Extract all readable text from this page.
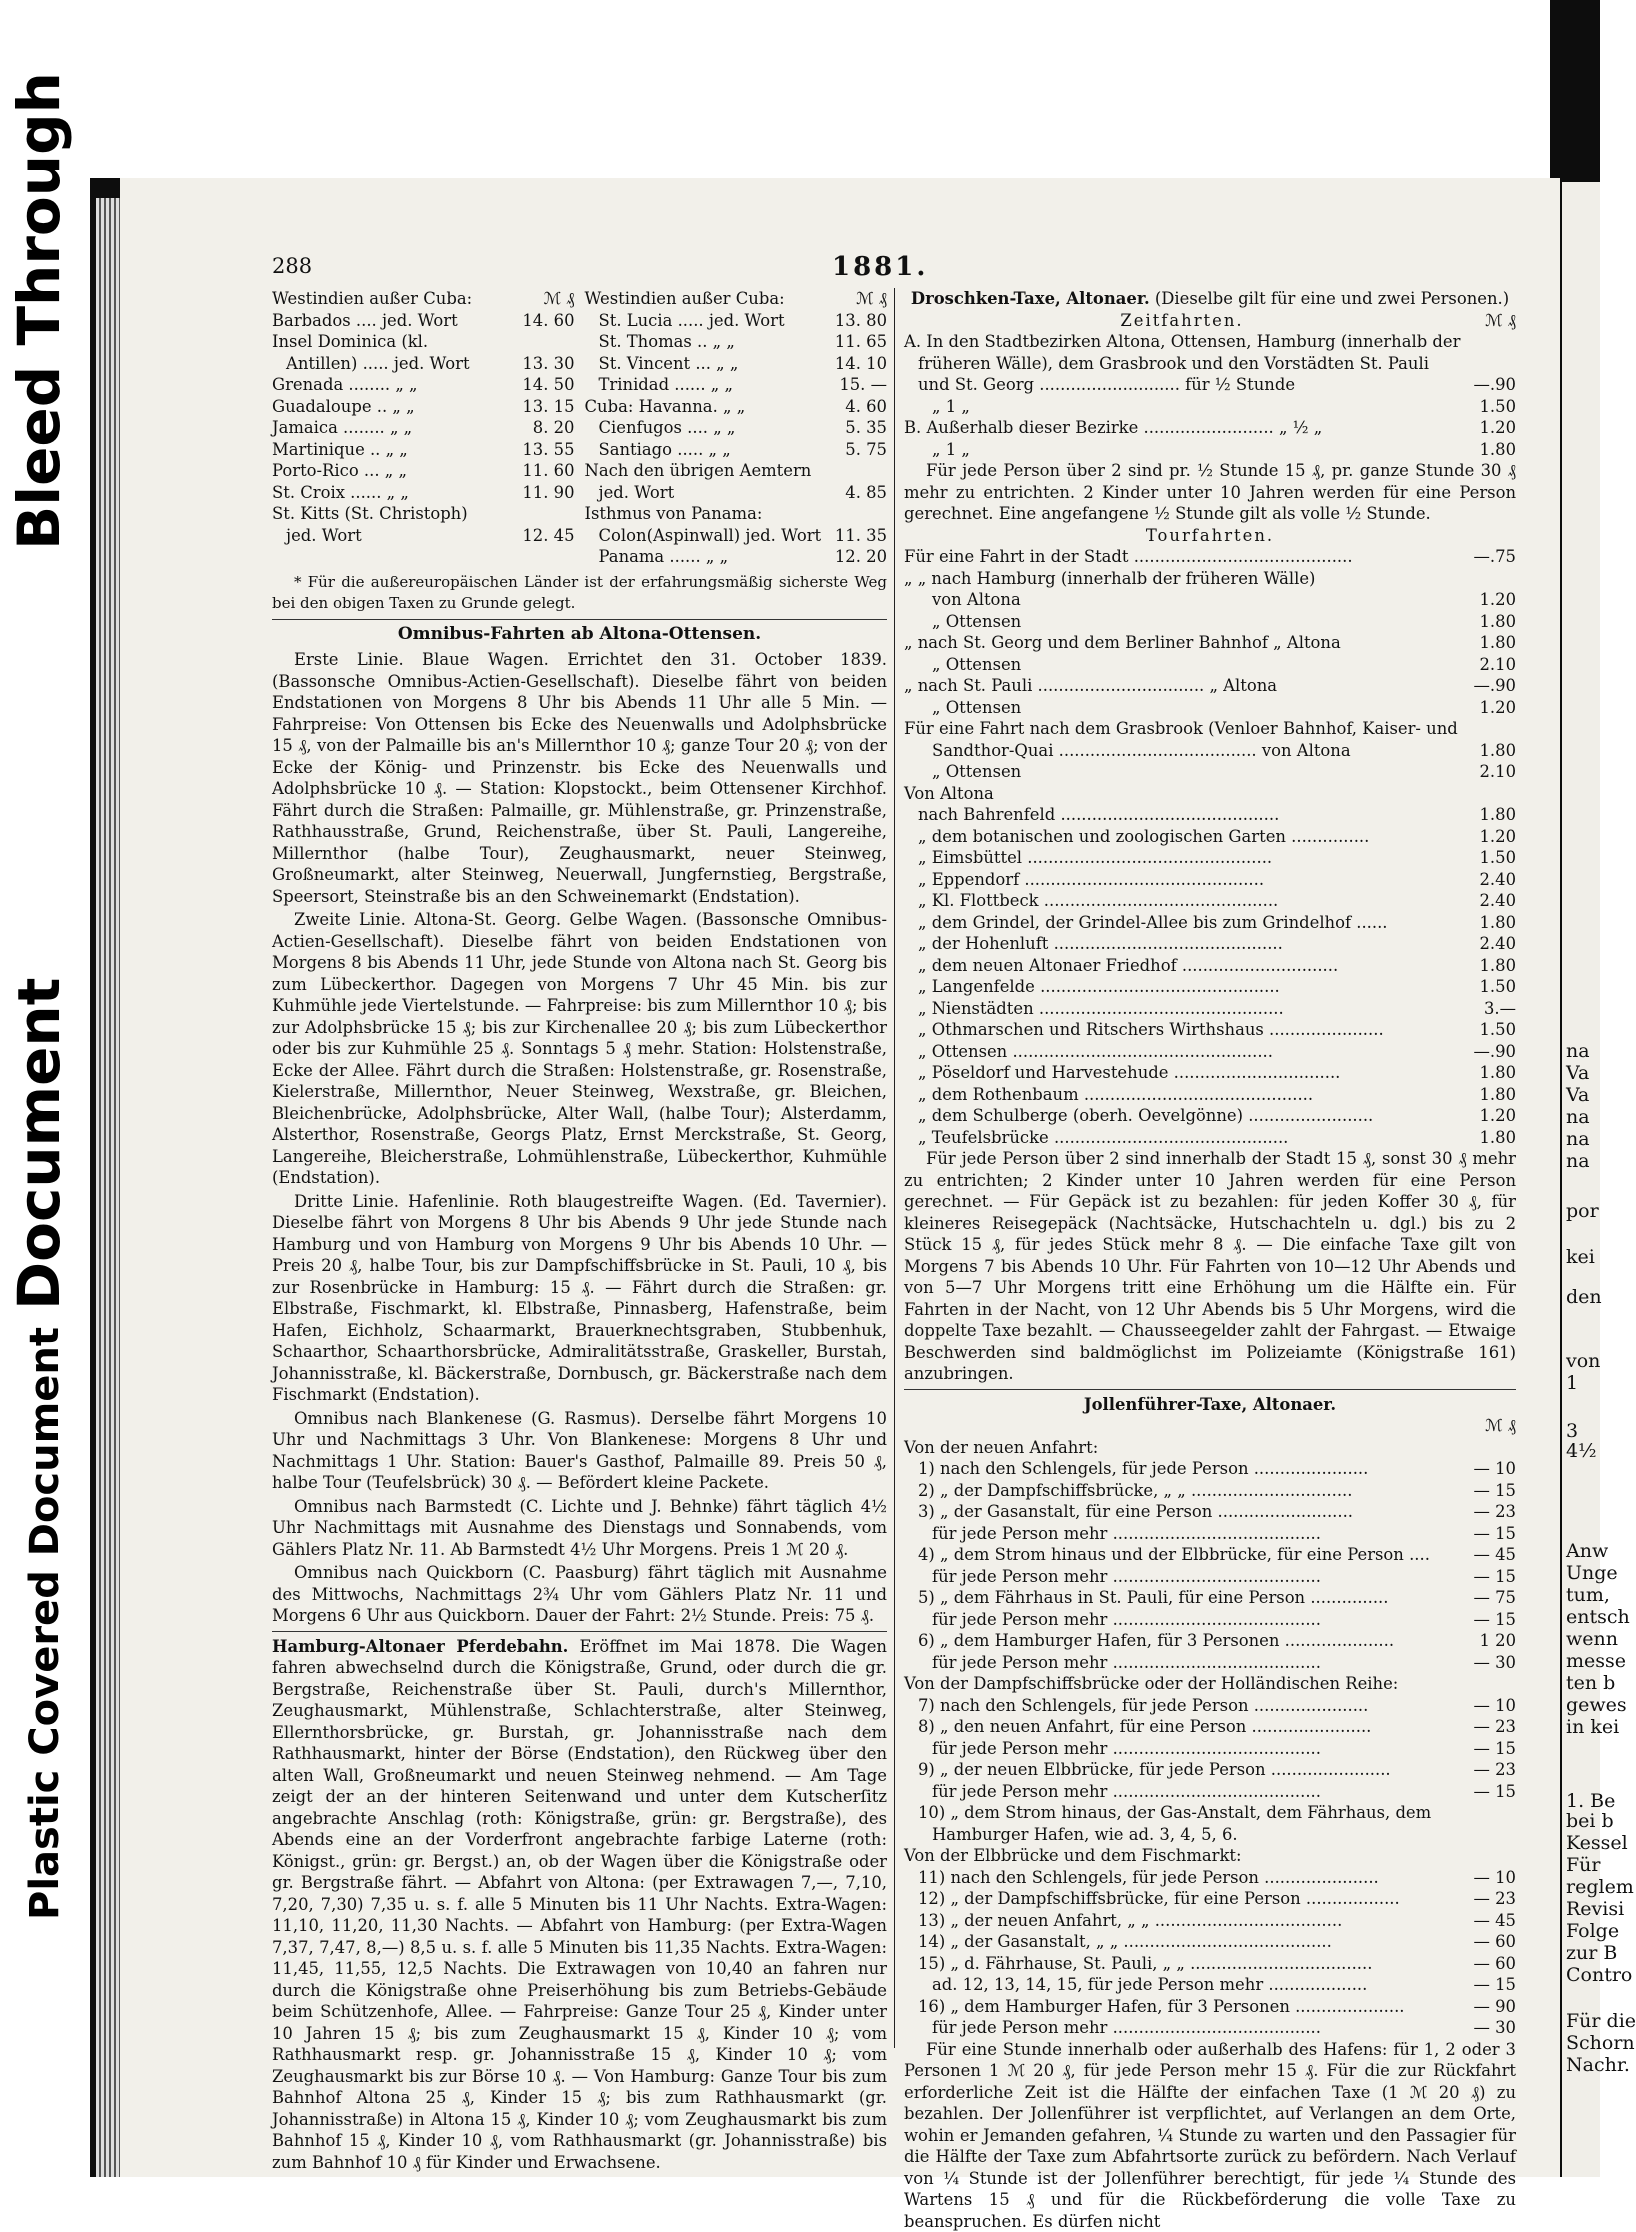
Bleed Through
Document
Plastic Covered Document
na
Va
Va
na
na
na
por
kei
den
von
1
3
4½
Anw
Unge
tum,
entsch
wenn
messe
ten b
gewes
in kei
1. Be
bei b
Kessel
Für
reglem
Revisi
Folge
zur B
Contro
Für die
Schorn
Nachr.
288	1881.
Westindien außer Cuba:	ℳ ₰
Barbados .... jed. Wort	14. 60
Insel Dominica (kl.
Antillen) ..... jed. Wort	13. 30
Grenada ........ „ „	14. 50
Guadaloupe .. „ „	13. 15
Jamaica ........ „ „	8. 20
Martinique .. „ „	13. 55
Porto-Rico ... „ „	11. 60
St. Croix ...... „ „	11. 90
St. Kitts (St. Christoph)
jed. Wort	12. 45
Westindien außer Cuba:	ℳ ₰
St. Lucia ..... jed. Wort	13. 80
St. Thomas .. „ „	11. 65
St. Vincent ... „ „	14. 10
Trinidad ...... „ „	15. —
Cuba: Havanna. „ „	4. 60
Cienfugos .... „ „	5. 35
Santiago ..... „ „	5. 75
Nach den übrigen Aemtern
jed. Wort	4. 85
Isthmus von Panama:
Colon(Aspinwall) jed. Wort 11. 35
Panama ...... „ „	12. 20
* Für die außereuropäischen Länder ist der erfahrungsmäßig sicherste Weg bei den obigen Taxen zu Grunde gelegt.
Omnibus-Fahrten ab Altona-Ottensen.
Erste Linie. Blaue Wagen. Errichtet den 31. October 1839. (Bassonsche Omnibus-Actien-Gesellschaft). Dieselbe fährt von beiden Endstationen von Morgens 8 Uhr bis Abends 11 Uhr alle 5 Min. — Fahrpreise: Von Ottensen bis Ecke des Neuenwalls und Adolphsbrücke 15 ₰, von der Palmaille bis an's Millernthor 10 ₰; ganze Tour 20 ₰; von der Ecke der König- und Prinzenstr. bis Ecke des Neuenwalls und Adolphsbrücke 10 ₰. — Station: Klopstockt., beim Ottensener Kirchhof. Fährt durch die Straßen: Palmaille, gr. Mühlenstraße, gr. Prinzenstraße, Rathhausstraße, Grund, Reichenstraße, über St. Pauli, Langereihe, Millernthor (halbe Tour), Zeughausmarkt, neuer Steinweg, Großneumarkt, alter Steinweg, Neuerwall, Jungfernstieg, Bergstraße, Speersort, Steinstraße bis an den Schweinemarkt (Endstation).
Zweite Linie. Altona-St. Georg. Gelbe Wagen. (Bassonsche Omnibus-Actien-Gesellschaft). Dieselbe fährt von beiden Endstationen von Morgens 8 bis Abends 11 Uhr, jede Stunde von Altona nach St. Georg bis zum Lübeckerthor. Dagegen von Morgens 7 Uhr 45 Min. bis zur Kuhmühle jede Viertelstunde. — Fahrpreise: bis zum Millernthor 10 ₰; bis zur Adolphsbrücke 15 ₰; bis zur Kirchenallee 20 ₰; bis zum Lübeckerthor oder bis zur Kuhmühle 25 ₰. Sonntags 5 ₰ mehr. Station: Holstenstraße, Ecke der Allee. Fährt durch die Straßen: Holstenstraße, gr. Rosenstraße, Kielerstraße, Millernthor, Neuer Steinweg, Wexstraße, gr. Bleichen, Bleichenbrücke, Adolphsbrücke, Alter Wall, (halbe Tour); Alsterdamm, Alsterthor, Rosenstraße, Georgs Platz, Ernst Merckstraße, St. Georg, Langereihe, Bleicherstraße, Lohmühlenstraße, Lübeckerthor, Kuhmühle (Endstation).
Dritte Linie. Hafenlinie. Roth blaugestreifte Wagen. (Ed. Tavernier). Dieselbe fährt von Morgens 8 Uhr bis Abends 9 Uhr jede Stunde nach Hamburg und von Hamburg von Morgens 9 Uhr bis Abends 10 Uhr. — Preis 20 ₰, halbe Tour, bis zur Dampfschiffsbrücke in St. Pauli, 10 ₰, bis zur Rosenbrücke in Hamburg: 15 ₰. — Fährt durch die Straßen: gr. Elbstraße, Fischmarkt, kl. Elbstraße, Pinnasberg, Hafenstraße, beim Hafen, Eichholz, Schaarmarkt, Brauerknechtsgraben, Stubbenhuk, Schaarthor, Schaarthorsbrücke, Admiralitätsstraße, Graskeller, Burstah, Johannisstraße, kl. Bäckerstraße, Dornbusch, gr. Bäckerstraße nach dem Fischmarkt (Endstation).
Omnibus nach Blankenese (G. Rasmus). Derselbe fährt Morgens 10 Uhr und Nachmittags 3 Uhr. Von Blankenese: Morgens 8 Uhr und Nachmittags 1 Uhr. Station: Bauer's Gasthof, Palmaille 89. Preis 50 ₰, halbe Tour (Teufelsbrück) 30 ₰. — Befördert kleine Packete.
Omnibus nach Barmstedt (C. Lichte und J. Behnke) fährt täglich 4½ Uhr Nachmittags mit Ausnahme des Dienstags und Sonnabends, vom Gählers Platz Nr. 11. Ab Barmstedt 4½ Uhr Morgens. Preis 1 ℳ 20 ₰.
Omnibus nach Quickborn (C. Paasburg) fährt täglich mit Ausnahme des Mittwochs, Nachmittags 2¾ Uhr vom Gählers Platz Nr. 11 und Morgens 6 Uhr aus Quickborn. Dauer der Fahrt: 2½ Stunde. Preis: 75 ₰.
Hamburg-Altonaer Pferdebahn. Eröffnet im Mai 1878. Die Wagen fahren abwechselnd durch die Königstraße, Grund, oder durch die gr. Bergstraße, Reichenstraße über St. Pauli, durch's Millernthor, Zeughausmarkt, Mühlenstraße, Schlachterstraße, alter Steinweg, Ellernthorsbrücke, gr. Burstah, gr. Johannisstraße nach dem Rathhausmarkt, hinter der Börse (Endstation), den Rückweg über den alten Wall, Großneumarkt und neuen Steinweg nehmend. — Am Tage zeigt der an der hinteren Seitenwand und unter dem Kutscherſitz angebrachte Anschlag (roth: Königstraße, grün: gr. Bergstraße), des Abends eine an der Vorderfront angebrachte farbige Laterne (roth: Königst., grün: gr. Bergst.) an, ob der Wagen über die Königstraße oder gr. Bergstraße fährt. — Abfahrt von Altona: (per Extrawagen 7,—, 7,10, 7,20, 7,30) 7,35 u. s. f. alle 5 Minuten bis 11 Uhr Nachts. Extra-Wagen: 11,10, 11,20, 11,30 Nachts. — Abfahrt von Hamburg: (per Extra-Wagen 7,37, 7,47, 8,—) 8,5 u. s. f. alle 5 Minuten bis 11,35 Nachts. Extra-Wagen: 11,45, 11,55, 12,5 Nachts. Die Extrawagen von 10,40 an fahren nur durch die Königstraße ohne Preiserhöhung bis zum Betriebs-Gebäude beim Schützenhofe, Allee. — Fahrpreise: Ganze Tour 25 ₰, Kinder unter 10 Jahren 15 ₰; bis zum Zeughausmarkt 15 ₰, Kinder 10 ₰; vom Rathhausmarkt resp. gr. Johannisstraße 15 ₰, Kinder 10 ₰; vom Zeughausmarkt bis zur Börse 10 ₰. — Von Hamburg: Ganze Tour bis zum Bahnhof Altona 25 ₰, Kinder 15 ₰; bis zum Rathhausmarkt (gr. Johannisstraße) in Altona 15 ₰, Kinder 10 ₰; vom Zeughausmarkt bis zum Bahnhof 15 ₰, Kinder 10 ₰, vom Rathhausmarkt (gr. Johannisstraße) bis zum Bahnhof 10 ₰ für Kinder und Erwachsene.
Droschken-Taxe, Altonaer. (Dieselbe gilt für eine und zwei Personen.)
Zeitfahrten.	ℳ ₰
A. In den Stadtbezirken Altona, Ottensen, Hamburg (innerhalb der
früheren Wälle), dem Grasbrook und den Vorstädten St. Pauli
und St. Georg ........................... für ½ Stunde	—.90
„ 1 „	1.50
B. Außerhalb dieser Bezirke ......................... „ ½ „	1.20
„ 1 „	1.80
Für jede Person über 2 sind pr. ½ Stunde 15 ₰, pr. ganze Stunde 30 ₰ mehr zu entrichten. 2 Kinder unter 10 Jahren werden für eine Person gerechnet. Eine angefangene ½ Stunde gilt als volle ½ Stunde.
Tourfahrten.
Für eine Fahrt in der Stadt ..........................................	—.75
„ „ nach Hamburg (innerhalb der früheren Wälle)
von Altona	1.20
„ Ottensen	1.80
„ nach St. Georg und dem Berliner Bahnhof „ Altona	1.80
„ Ottensen	2.10
„ nach St. Pauli ................................ „ Altona	—.90
„ Ottensen	1.20
Für eine Fahrt nach dem Grasbrook (Venloer Bahnhof, Kaiser- und
Sandthor-Quai ...................................... von Altona	1.80
„ Ottensen	2.10
Von Altona
nach Bahrenfeld ..........................................	1.80
„ dem botanischen und zoologischen Garten ...............	1.20
„ Eimsbüttel ...............................................	1.50
„ Eppendorf ..............................................	2.40
„ Kl. Flottbeck .............................................	2.40
„ dem Grindel, der Grindel-Allee bis zum Grindelhof ......	1.80
„ der Hohenluft ............................................	2.40
„ dem neuen Altonaer Friedhof ..............................	1.80
„ Langenfelde ..............................................	1.50
„ Nienstädten ...............................................	3.—
„ Othmarschen und Ritschers Wirthshaus ......................	1.50
„ Ottensen ..................................................	—.90
„ Pöseldorf und Harvestehude ................................	1.80
„ dem Rothenbaum ............................................	1.80
„ dem Schulberge (oberh. Oevelgönne) ........................	1.20
„ Teufelsbrücke .............................................	1.80
Für jede Person über 2 sind innerhalb der Stadt 15 ₰, sonst 30 ₰ mehr zu entrichten; 2 Kinder unter 10 Jahren werden für eine Person gerechnet. — Für Gepäck ist zu bezahlen: für jeden Koffer 30 ₰, für kleineres Reisegepäck (Nachtsäcke, Hutschachteln u. dgl.) bis zu 2 Stück 15 ₰, für jedes Stück mehr 8 ₰. — Die einfache Taxe gilt von Morgens 7 bis Abends 10 Uhr. Für Fahrten von 10—12 Uhr Abends und von 5—7 Uhr Morgens tritt eine Erhöhung um die Hälfte ein. Für Fahrten in der Nacht, von 12 Uhr Abends bis 5 Uhr Morgens, wird die doppelte Taxe bezahlt. — Chausseegelder zahlt der Fahrgast. — Etwaige Beschwerden sind baldmöglichst im Polizeiamte (Königstraße 161) anzubringen.
Jollenführer-Taxe, Altonaer.
ℳ ₰
Von der neuen Anfahrt:
1) nach den Schlengels, für jede Person ......................	— 10
2) „ der Dampfschiffsbrücke, „ „ ...............................	— 15
3) „ der Gasanstalt, für eine Person ..........................	— 23
für jede Person mehr ........................................	— 15
4) „ dem Strom hinaus und der Elbbrücke, für eine Person ....	— 45
für jede Person mehr ........................................	— 15
5) „ dem Fährhaus in St. Pauli, für eine Person ...............	— 75
für jede Person mehr ........................................	— 15
6) „ dem Hamburger Hafen, für 3 Personen .....................	1 20
für jede Person mehr ........................................	— 30
Von der Dampfschiffsbrücke oder der Holländischen Reihe:
7) nach den Schlengels, für jede Person ......................	— 10
8) „ den neuen Anfahrt, für eine Person .......................	— 23
für jede Person mehr ........................................	— 15
9) „ der neuen Elbbrücke, für jede Person .......................	— 23
für jede Person mehr ........................................	— 15
10) „ dem Strom hinaus, der Gas-Anstalt, dem Fährhaus, dem
Hamburger Hafen, wie ad. 3, 4, 5, 6.
Von der Elbbrücke und dem Fischmarkt:
11) nach den Schlengels, für jede Person ......................	— 10
12) „ der Dampfschiffsbrücke, für eine Person ..................	— 23
13) „ der neuen Anfahrt, „ „ ....................................	— 45
14) „ der Gasanstalt, „ „ ........................................	— 60
15) „ d. Fährhause, St. Pauli, „ „ ...................................	— 60
ad. 12, 13, 14, 15, für jede Person mehr ...................	— 15
16) „ dem Hamburger Hafen, für 3 Personen .....................	— 90
für jede Person mehr ........................................	— 30
Für eine Stunde innerhalb oder außerhalb des Hafens: für 1, 2 oder 3 Personen 1 ℳ 20 ₰, für jede Person mehr 15 ₰. Für die zur Rückfahrt erforderliche Zeit ist die Hälfte der einfachen Taxe (1 ℳ 20 ₰) zu bezahlen. Der Jollenführer ist verpflichtet, auf Verlangen an dem Orte, wohin er Jemanden gefahren, ¼ Stunde zu warten und den Passagier für die Hälfte der Taxe zum Abfahrtsorte zurück zu befördern. Nach Verlauf von ¼ Stunde ist der Jollenführer berechtigt, für jede ¼ Stunde des Wartens 15 ₰ und für die Rückbeförderung die volle Taxe zu beanspruchen. Es dürfen nicht
